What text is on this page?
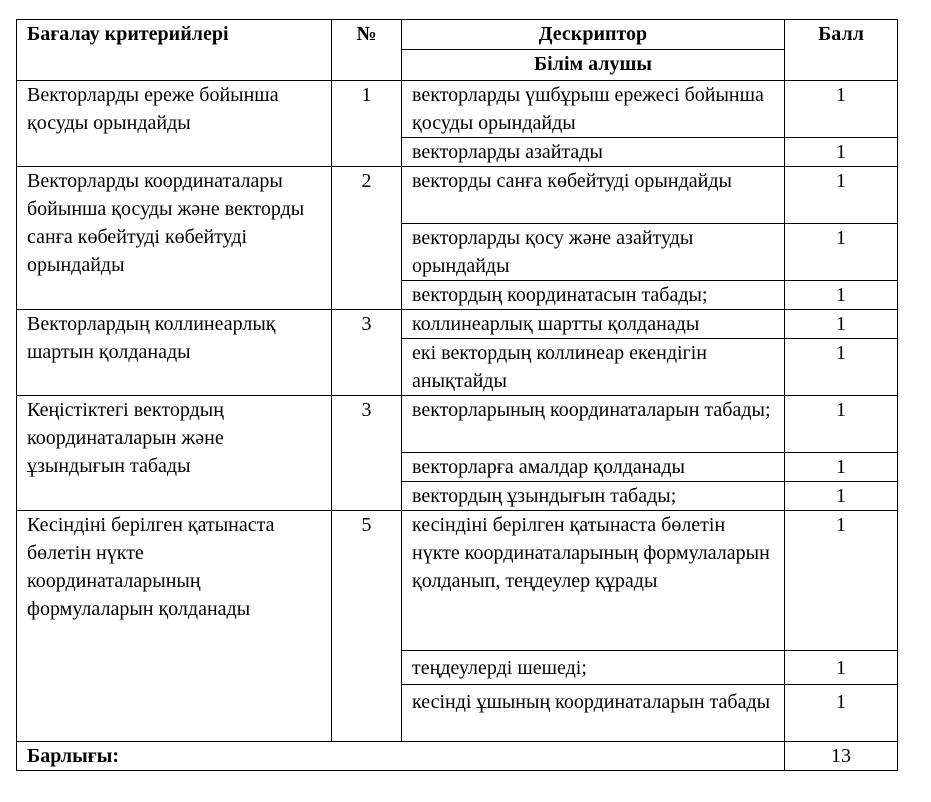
Бағалау критерийлері	№	Дескриптор	Балл
		Білім алушы	
Векторларды ереже бойынша қосуды орындайды	1	векторларды үшбұрыш ережесі бойынша қосуды орындайды	1
		векторларды азайтады	1
Векторларды координаталары бойынша қосуды және векторды санға көбейтуді көбейтуді орындайды	2	векторды санға көбейтуді орындайды	1
		векторларды қосу және азайтуды орындайды	1
		вектордың координатасын табады;	1
Векторлардың коллинеарлық шартын қолданады	3	коллинеарлық шартты қолданады	1
		екі вектордың коллинеар екендігін анықтайды	1
Кеңістіктегі вектордың координаталарын және ұзындығын табады	3	векторларының координаталарын табады;	1
		векторларға амалдар қолданады	1
		вектордың ұзындығын табады;	1
Кесіндіні берілген қатынаста бөлетін нүкте координаталарының формулаларын қолданады	5	кесіндіні берілген қатынаста бөлетін нүкте координаталарының формулаларын қолданып, теңдеулер құрады	1
		теңдеулерді шешеді;	1
		кесінді ұшының координаталарын табады	1
Барлығы:			13
